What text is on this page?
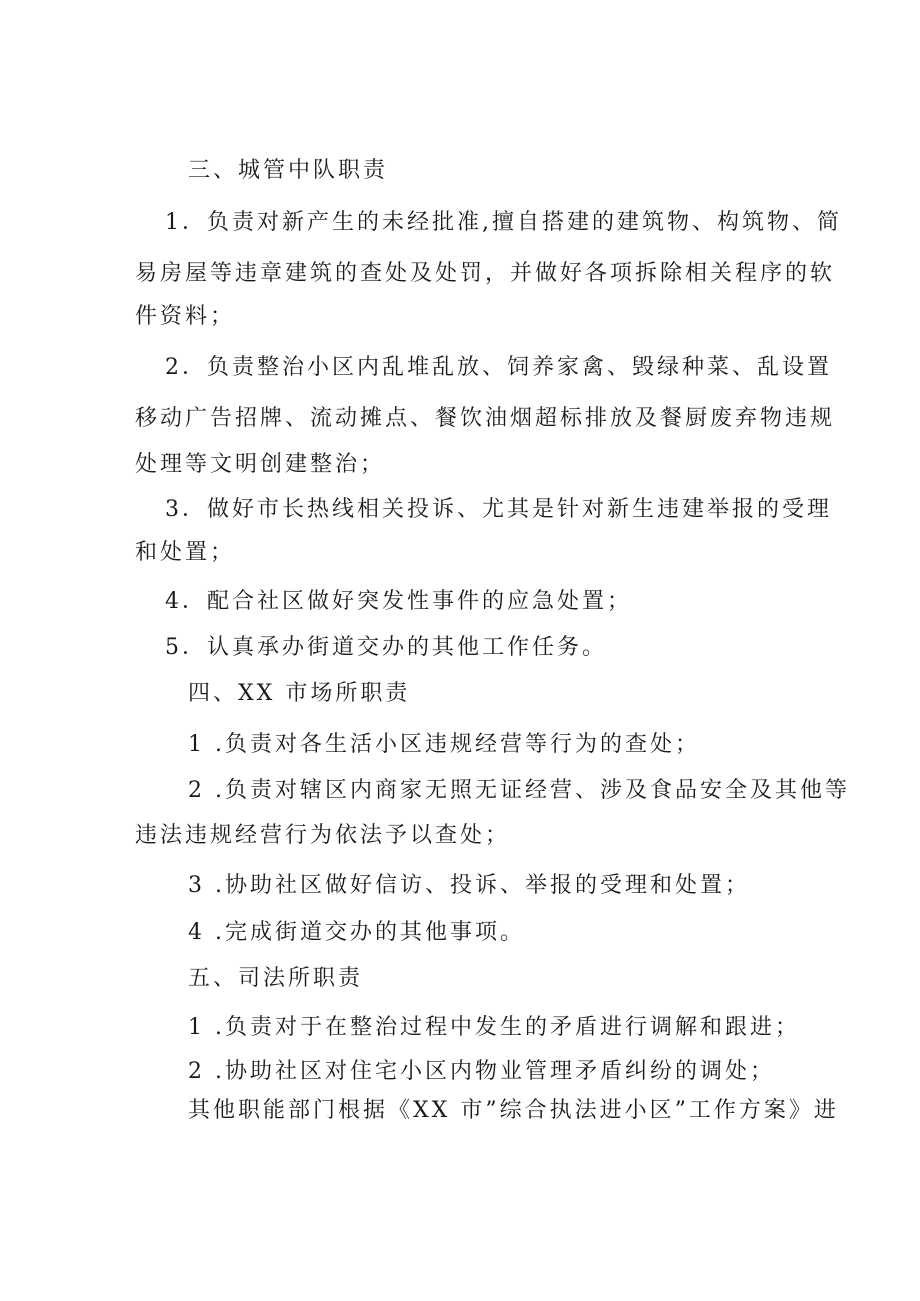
三、城管中队职责
1．负责对新产生的未经批准,擅自搭建的建筑物、构筑物、简
易房屋等违章建筑的查处及处罚，并做好各项拆除相关程序的软
件资料；
2．负责整治小区内乱堆乱放、饲养家禽、毁绿种菜、乱设置
移动广告招牌、流动摊点、餐饮油烟超标排放及餐厨废弃物违规
处理等文明创建整治；
3．做好市长热线相关投诉、尤其是针对新生违建举报的受理
和处置；
4．配合社区做好突发性事件的应急处置；
5．认真承办街道交办的其他工作任务。
四、XX 市场所职责
1 .负责对各生活小区违规经营等行为的查处；
2 .负责对辖区内商家无照无证经营、涉及食品安全及其他等
违法违规经营行为依法予以查处；
3 .协助社区做好信访、投诉、举报的受理和处置；
4 .完成街道交办的其他事项。
五、司法所职责
1 .负责对于在整治过程中发生的矛盾进行调解和跟进；
2 .协助社区对住宅小区内物业管理矛盾纠纷的调处；
其他职能部门根据《XX 市”综合执法进小区”工作方案》进
